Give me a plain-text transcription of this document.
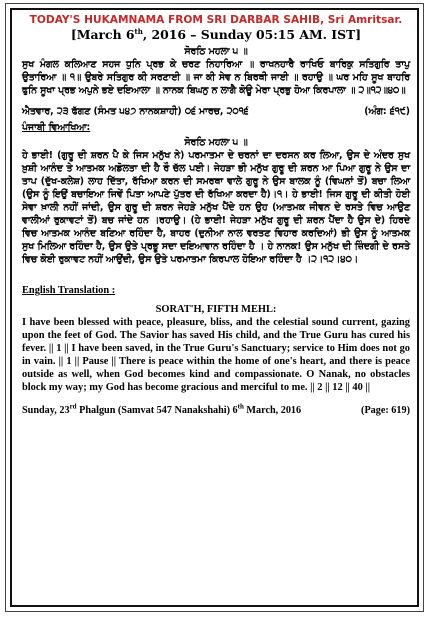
TODAY'S HUKAMNAMA FROM SRI DARBAR SAHIB, Sri Amritsar.
[March 6th, 2016 – Sunday 05:15 AM. IST]
ਸੋਰਠਿ ਮਹਲਾ ੫ ॥
ਸੁਖ ਮੰਗਲ ਕਲਿਆਣ ਸਹਜ ਧੁਨਿ ਪ੍ਰਭ ਕੇ ਚਰਣ ਨਿਹਾਰਿਆ ॥ ਰਾਖਨਹਾਰੈ ਰਾਖਿਓ ਬਾਰਿਕੁ ਸਤਿਗੁਰਿ ਤਾਪੁ ਉਤਾਰਿਆ ॥ ੧॥ ਉਬਰੇ ਸਤਿਗੁਰ ਕੀ ਸਰਣਾਈ ॥ ਜਾ ਕੀ ਸੇਵ ਨ ਬਿਰਥੀ ਜਾਈ ॥ ਰਹਾਉ ॥ ਘਰ ਮਹਿ ਸੂਖ ਬਾਹਰਿ ਫੁਨਿ ਸੂਖਾ ਪ੍ਰਭ ਅਪੁਨੇ ਭਏ ਦਇਆਲਾ ॥ ਨਾਨਕ ਬਿਘਨੁ ਨ ਲਾਗੈ ਕੋਊ ਮੇਰਾ ਪ੍ਰਭੁ ਹੋਆ ਕਿਰਪਾਲਾ ॥ ੨॥੧੨॥੪੦॥
ਐਤਵਾਰ, ੨੩ ਫੱਗਣ (ਸੰਮਤ ੫੪੭ ਨਾਨਕਸ਼ਾਹੀ) ੦੬ ਮਾਰਚ, ੨੦੧੬	(ਅੰਗ: ੬੧੯)
ਪੰਜਾਬੀ ਵਿਆਖਿਆ:
ਸੋਰਠਿ ਮਹਲਾ ੫ ॥
ਹੇ ਭਾਈ! (ਗੁਰੂ ਦੀ ਸ਼ਰਨ ਪੈ ਕੇ ਜਿਸ ਮਨੁੱਖ ਨੇ) ਪਰਮਾਤਮਾ ਦੇ ਚਰਨਾਂ ਦਾ ਦਰਸਨ ਕਰ ਲਿਆ, ਉਸ ਦੇ ਅੰਦਰ ਸੁਖ ਖ਼ੁਸ਼ੀ ਆਨੰਦ ਤੇ ਆਤਮਕ ਅਡੋਲਤਾ ਦੀ ਹੈ ਰੌ ਚੱਲ ਪਈ। ਜੇਹੜਾ ਭੀ ਮਨੁੱਖ ਗੁਰੂ ਦੀ ਸ਼ਰਨ ਆ ਪਿਆ ਗੁਰੂ ਨੇ ਉਸ ਦਾ ਤਾਪ (ਦੁੱਖ-ਕਲੇਸ਼) ਲਾਹ ਦਿੱਤਾ, ਰੱਖਿਆ ਕਰਨ ਦੀ ਸਮਰਥਾ ਵਾਲੇ ਗੁਰੂ ਨੇ ਉਸ ਬਾਲਕ ਨੂੰ (ਵਿਘਨਾਂ ਤੋਂ) ਬਚਾ ਲਿਆ (ਉਸ ਨੂੰ ਇਉਂ ਬਚਾਇਆ ਜਿਵੇਂ ਪਿਤਾ ਆਪਣੇ ਪੁੱਤਰ ਦੀ ਰੱਖਿਆ ਕਰਦਾ ਹੈ)।੧। ਹੇ ਭਾਈ! ਜਿਸ ਗੁਰੂ ਦੀ ਕੀਤੀ ਹੋਈ ਸੇਵਾ ਖ਼ਾਲੀ ਨਹੀਂ ਜਾਂਦੀ, ਉਸ ਗੁਰੂ ਦੀ ਸ਼ਰਨ ਜੇਹੜੇ ਮਨੁੱਖ ਪੈਂਦੇ ਹਨ ਉਹ (ਆਤਮਕ ਜੀਵਨ ਦੇ ਰਸਤੇ ਵਿਚ ਆਉਣ ਵਾਲੀਆਂ ਰੁਕਾਵਟਾਂ ਤੋਂ) ਬਚ ਜਾਂਦੇ ਹਨ ।ਰਹਾਉ। (ਹੇ ਭਾਈ! ਜੇਹੜਾ ਮਨੁੱਖ ਗੁਰੂ ਦੀ ਸ਼ਰਨ ਪੈਂਦਾ ਹੈ ਉਸ ਦੇ) ਹਿਰਦੇ ਵਿਚ ਆਤਮਕ ਆਨੰਦ ਬਣਿਆ ਰਹਿੰਦਾ ਹੈ, ਬਾਹਰ (ਦੁਨੀਆ ਨਾਲ ਵਰਤਣ ਵਿਹਾਰ ਕਰਦਿਆਂ) ਭੀ ਉਸ ਨੂੰ ਆਤਮਕ ਸੁਖ ਮਿਲਿਆ ਰਹਿੰਦਾ ਹੈ, ਉਸ ਉਤੇ ਪ੍ਰਭੂ ਸਦਾ ਦਇਆਵਾਨ ਰਹਿੰਦਾ ਹੈ । ਹੇ ਨਾਨਕ! ਉਸ ਮਨੁੱਖ ਦੀ ਜ਼ਿੰਦਗੀ ਦੇ ਰਸਤੇ ਵਿਚ ਕੋਈ ਰੁਕਾਵਟ ਨਹੀਂ ਆਉਂਦੀ, ਉਸ ਉਤੇ ਪਰਮਾਤਮਾ ਕਿਰਪਾਲ ਹੋਇਆ ਰਹਿੰਦਾ ਹੈ ।੨।੧੨।੪੦।
English Translation :
SORAT'H, FIFTH MEHL:
I have been blessed with peace, pleasure, bliss, and the celestial sound current, gazing upon the feet of God. The Savior has saved His child, and the True Guru has cured his fever. || 1 || I have been saved, in the True Guru's Sanctuary; service to Him does not go in vain. || 1 || Pause || There is peace within the home of one's heart, and there is peace outside as well, when God becomes kind and compassionate. O Nanak, no obstacles block my way; my God has become gracious and merciful to me. || 2 || 12 || 40 ||
Sunday, 23rd Phalgun (Samvat 547 Nanakshahi) 6th March, 2016	(Page: 619)
